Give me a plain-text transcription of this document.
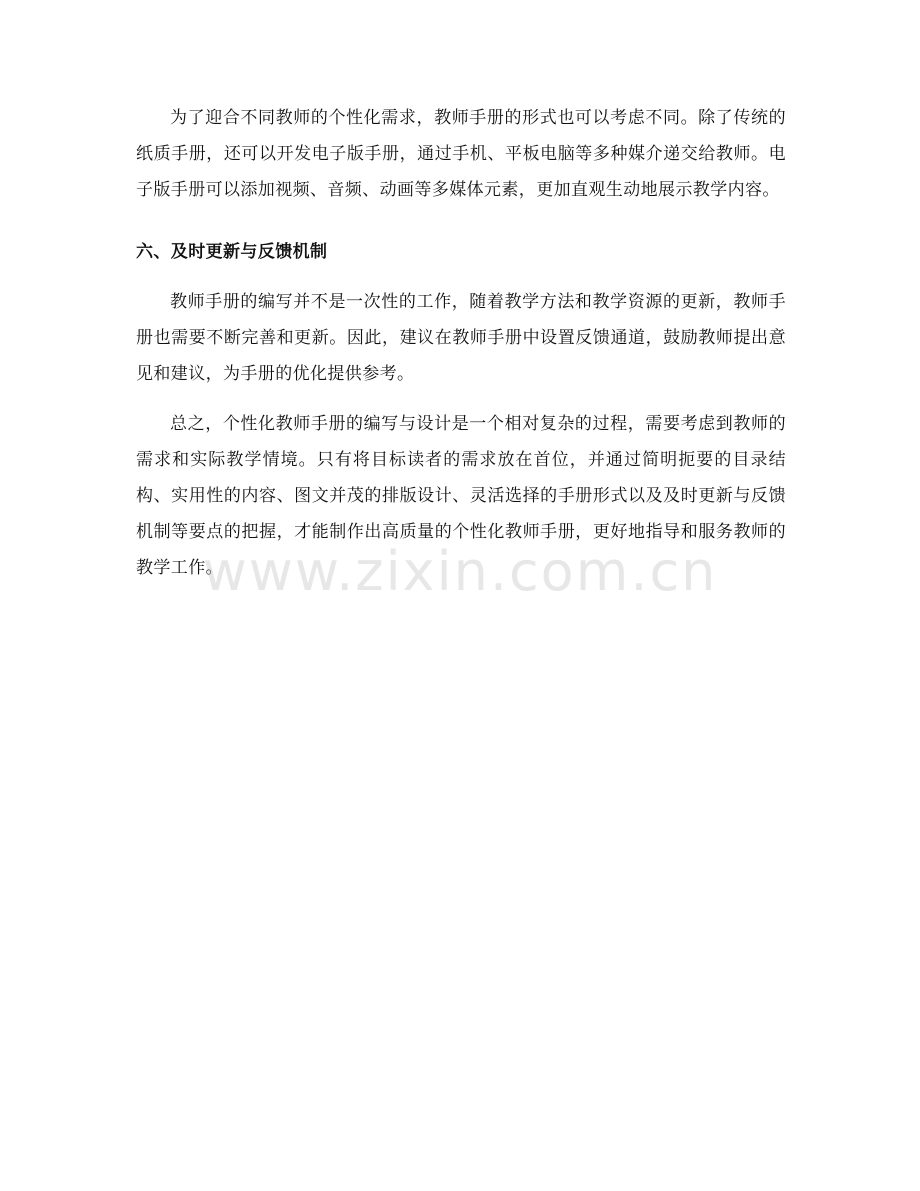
为了迎合不同教师的个性化需求，教师手册的形式也可以考虑不同。除了传统的纸质手册，还可以开发电子版手册，通过手机、平板电脑等多种媒介递交给教师。电子版手册可以添加视频、音频、动画等多媒体元素，更加直观生动地展示教学内容。

六、及时更新与反馈机制

教师手册的编写并不是一次性的工作，随着教学方法和教学资源的更新，教师手册也需要不断完善和更新。因此，建议在教师手册中设置反馈通道，鼓励教师提出意见和建议，为手册的优化提供参考。

总之，个性化教师手册的编写与设计是一个相对复杂的过程，需要考虑到教师的需求和实际教学情境。只有将目标读者的需求放在首位，并通过简明扼要的目录结构、实用性的内容、图文并茂的排版设计、灵活选择的手册形式以及及时更新与反馈机制等要点的把握，才能制作出高质量的个性化教师手册，更好地指导和服务教师的教学工作。

www.zixin.com.cn
